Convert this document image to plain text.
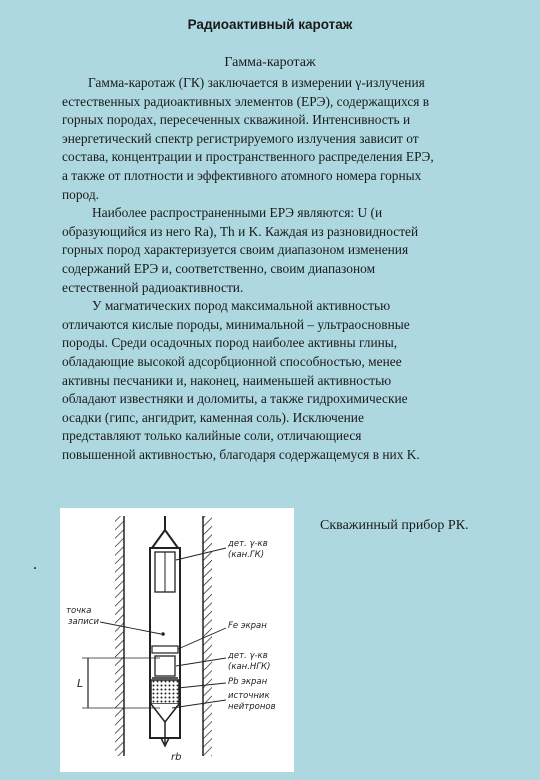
Радиоактивный каротаж
Гамма-каротаж

Гамма-каротаж (ГК) заключается в измерении γ-излучения
естественных радиоактивных элементов (ЕРЭ), содержащихся в
горных породах, пересеченных скважиной. Интенсивность и
энергетический спектр регистрируемого излучения зависит от
состава, концентрации и пространственного распределения ЕРЭ,
а также от плотности и эффективного атомного номера горных
пород.

Наиболее распространенными ЕРЭ являются: U (и
образующийся из него Ra), Th и K. Каждая из разновидностей
горных пород характеризуется своим диапазоном изменения
содержаний ЕРЭ и, соответственно, своим диапазоном
естественной радиоактивности.

У магматических пород максимальной активностью
отличаются кислые породы, минимальной – ультраосновные
породы. Среди осадочных пород наиболее активны глины,
обладающие высокой адсорбционной способностью, менее
активны песчаники и, наконец, наименьшей активностью
обладают известняки и доломиты, а также гидрохимические
осадки (гипс, ангидрит, каменная соль). Исключение
представляют только калийные соли, отличающиеся
повышенной активностью, благодаря содержащемуся в них K.

.
L
дет. γ-кв
(кан.ГК)
точка
записи	Fe экран
дет. γ-кв
(кан.НГК)
Pb экран
источник
нейтронов
rb
Скважинный прибор РК.
